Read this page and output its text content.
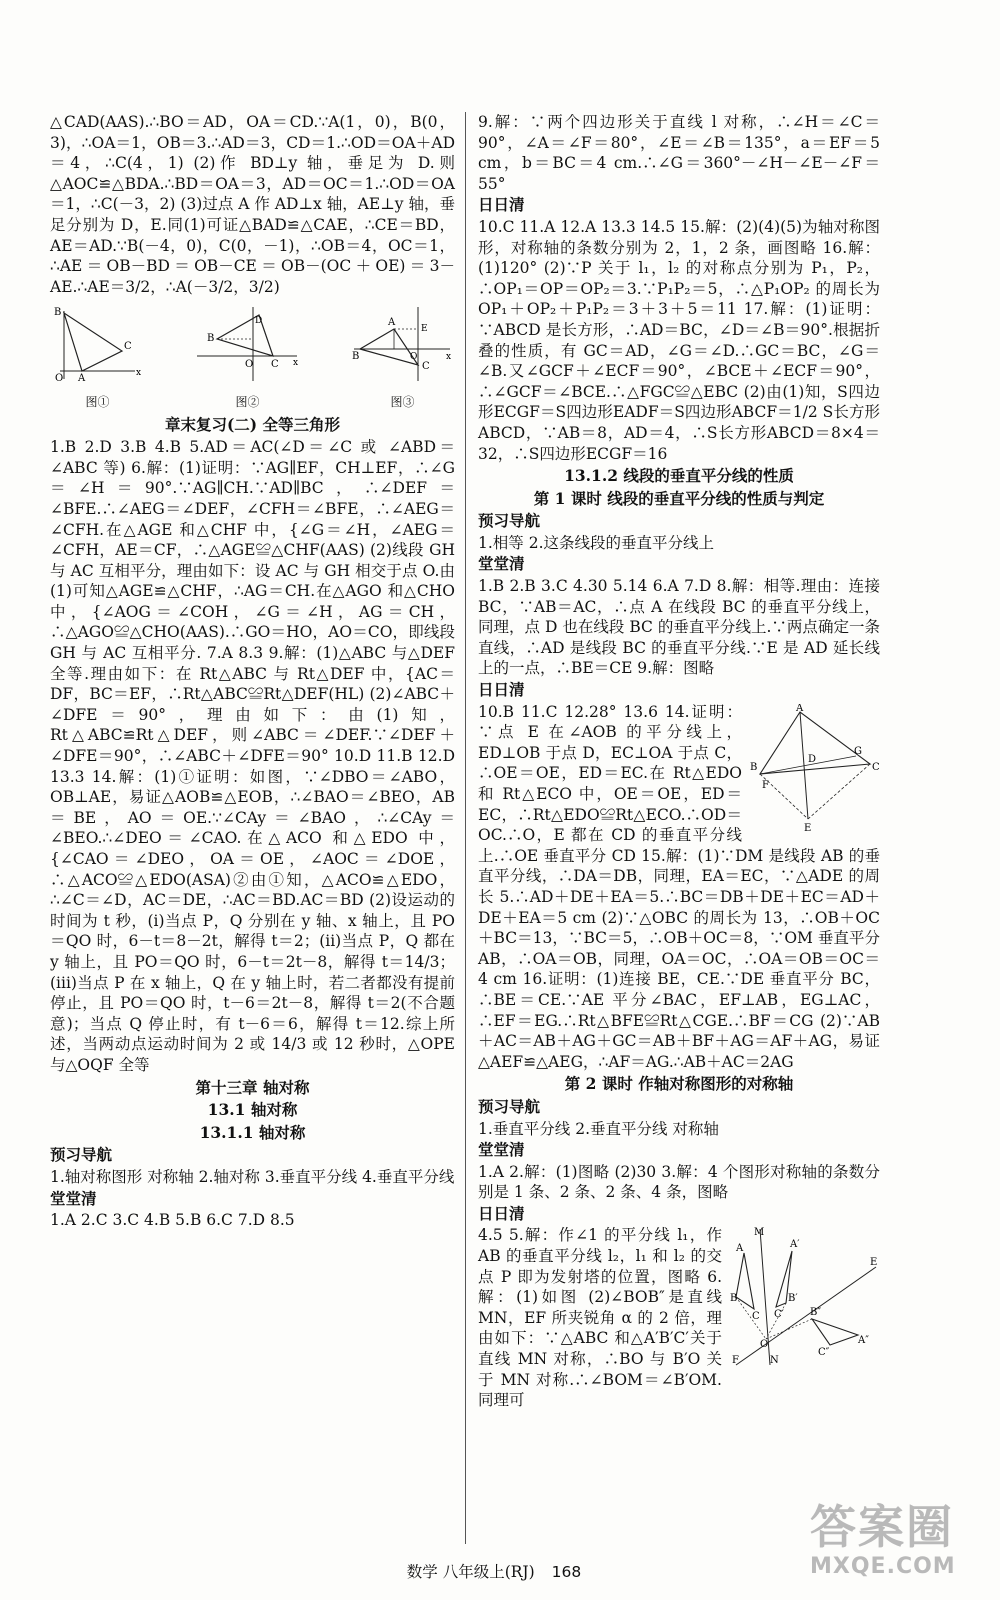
△CAD(AAS).∴BO＝AD，OA＝CD.∵A(1，0)，B(0，3)，∴OA＝1，OB＝3.∴AD＝3，CD＝1.∴OD＝OA＋AD＝4，∴C(4，1) (2)作 BD⊥y 轴，垂足为 D.则△AOC≌△BDA.∴BD＝OA＝3，AD＝OC＝1.∴OD＝OA＝1，∴C(－3，2) (3)过点 A 作 AD⊥x 轴，AE⊥y 轴，垂足分别为 D，E.同(1)可证△BAD≌△CAE，∴CE＝BD，AE＝AD.∵B(－4，0)，C(0，－1)，∴OB＝4，OC＝1，∴AE＝OB－BD＝OB－CE＝OB－(OC＋OE)＝3－AE.∴AE＝3/2，∴A(－3/2，3/2)

B
C
A
O	x
图①
B
O C
D
x
图②
B
A
E
C
O	x
图③
章末复习(二) 全等三角形

1.B 2.D 3.B 4.B 5.AD＝AC(∠D＝∠C 或 ∠ABD＝∠ABC 等) 6.解：(1)证明：∵AG∥EF，CH⊥EF，∴∠G＝∠H＝90°.∵AG∥CH.∵AD∥BC，∴∠DEF＝∠BFE.∴∠AEG＝∠DEF，∠CFH＝∠BFE，∴∠AEG＝∠CFH.在△AGE 和△CHF 中，{∠G＝∠H，∠AEG＝∠CFH，AE＝CF，∴△AGE≌△CHF(AAS) (2)线段 GH 与 AC 互相平分，理由如下：设 AC 与 GH 相交于点 O.由(1)可知△AGE≌△CHF，∴AG＝CH.在△AGO 和△CHO 中，{∠AOG＝∠COH，∠G＝∠H，AG＝CH，∴△AGO≌△CHO(AAS).∴GO＝HO，AO＝CO，即线段 GH 与 AC 互相平分. 7.A 8.3 9.解：(1)△ABC 与△DEF 全等.理由如下：在 Rt△ABC 与 Rt△DEF 中，{AC＝DF，BC＝EF，∴Rt△ABC≌Rt△DEF(HL) (2)∠ABC＋∠DFE＝90°，理由如下：由(1)知，Rt△ABC≌Rt△DEF，则∠ABC＝∠DEF.∵∠DEF＋∠DFE＝90°，∴∠ABC＋∠DFE＝90° 10.D 11.B 12.D 13.3 14.解：(1)①证明：如图，∵∠DBO＝∠ABO，OB⊥AE，易证△AOB≌△EOB，∴∠BAO＝∠BEO，AB＝BE，AO＝OE.∵∠CAy＝∠BAO，∴∠CAy＝∠BEO.∴∠DEO＝∠CAO.在△ACO 和△EDO 中，{∠CAO＝∠DEO，OA＝OE，∠AOC＝∠DOE，∴△ACO≌△EDO(ASA)②由①知，△ACO≌△EDO，∴∠C＝∠D，AC＝DE，∴AC＝BD.AC＝BD (2)设运动的时间为 t 秒，(i)当点 P，Q 分别在 y 轴、x 轴上，且 PO＝QO 时，6－t＝8－2t，解得 t＝2；(ii)当点 P，Q 都在 y 轴上，且 PO＝QO 时，6－t＝2t－8，解得 t＝14/3；(iii)当点 P 在 x 轴上，Q 在 y 轴上时，若二者都没有提前停止，且 PO＝QO 时，t－6＝2t－8，解得 t＝2(不合题意)；当点 Q 停止时，有 t－6＝6，解得 t＝12.综上所述，当两动点运动时间为 2 或 14/3 或 12 秒时，△OPE 与△OQF 全等

第十三章 轴对称
13.1 轴对称
13.1.1 轴对称
预习导航

1.轴对称图形 对称轴 2.轴对称 3.垂直平分线 4.垂直平分线

堂堂清

1.A 2.C 3.C 4.B 5.B 6.C 7.D 8.5

9.解：∵两个四边形关于直线 l 对称，∴∠H＝∠C＝90°，∠A＝∠F＝80°，∠E＝∠B＝135°，a＝EF＝5 cm，b＝BC＝4 cm.∴∠G＝360°－∠H－∠E－∠F＝55°

日日清

10.C 11.A 12.A 13.3 14.5 15.解：(2)(4)(5)为轴对称图形，对称轴的条数分别为 2，1，2 条，画图略 16.解：(1)120° (2)∵P 关于 l₁，l₂ 的对称点分别为 P₁，P₂，∴OP₁＝OP＝OP₂＝3.∵P₁P₂＝5，∴△P₁OP₂ 的周长为 OP₁＋OP₂＋P₁P₂＝3＋3＋5＝11 17.解：(1)证明：∵ABCD 是长方形，∴AD＝BC，∠D＝∠B＝90°.根据折叠的性质，有 GC＝AD，∠G＝∠D.∴GC＝BC，∠G＝∠B.又∠GCF＋∠ECF＝90°，∠BCE＋∠ECF＝90°，∴∠GCF＝∠BCE.∴△FGC≌△EBC (2)由(1)知，S四边形ECGF＝S四边形EADF＝S四边形ABCF＝1/2 S长方形ABCD，∵AB＝8，AD＝4，∴S长方形ABCD＝8×4＝32，∴S四边形ECGF＝16

13.1.2 线段的垂直平分线的性质
第 1 课时 线段的垂直平分线的性质与判定
预习导航

1.相等 2.这条线段的垂直平分线上

堂堂清

1.B 2.B 3.C 4.30 5.14 6.A 7.D 8.解：相等.理由：连接 BC，∵AB＝AC，∴点 A 在线段 BC 的垂直平分线上，同理，点 D 也在线段 BC 的垂直平分线上.∵两点确定一条直线，∴AD 是线段 BC 的垂直平分线.∵E 是 AD 延长线上的一点，∴BE＝CE 9.解：图略

日日清
A
B	C
D
G
F
E

10.B 11.C 12.28° 13.6 14.证明：∵点 E 在∠AOB 的平分线上，ED⊥OB 于点 D，EC⊥OA 于点 C，∴OE＝OE，ED＝EC.在 Rt△EDO 和 Rt△ECO 中，OE＝OE，ED＝EC，∴Rt△EDO≌Rt△ECO.∴OD＝OC.∴O，E 都在 CD 的垂直平分线上.∴OE 垂直平分 CD 15.解：(1)∵DM 是线段 AB 的垂直平分线，∴DA＝DB，同理，EA＝EC，∵△ADE 的周长 5.∴AD＋DE＋EA＝5.∴BC＝DB＋DE＋EC＝AD＋DE＋EA＝5 cm (2)∵△OBC 的周长为 13，∴OB＋OC＋BC＝13，∵BC＝5，∴OB＋OC＝8，∵OM 垂直平分 AB，∴OA＝OB，同理，OA＝OC，∴OA＝OB＝OC＝4 cm 16.证明：(1)连接 BE，CE.∵DE 垂直平分 BC，∴BE＝CE.∵AE 平分∠BAC，EF⊥AB，EG⊥AC，∴EF＝EG.∴Rt△BFE≌Rt△CGE.∴BF＝CG (2)∵AB＋AC＝AB＋AG＋GC＝AB＋BF＋AG＝AF＋AG，易证△AEF≌△AEG，∴AF＝AG.∴AB＋AC＝2AG

第 2 课时 作轴对称图形的对称轴
预习导航

1.垂直平分线 2.垂直平分线 对称轴

堂堂清

1.A 2.解：(1)图略 (2)30 3.解：4 个图形对称轴的条数分别是 1 条、2 条、2 条、4 条，图略

日日清
M
A	A′
A″
B	B′
B″
C C′
C″
O
E
F	N

4.5 5.解：作∠1 的平分线 l₁，作 AB 的垂直平分线 l₂，l₁ 和 l₂ 的交点 P 即为发射塔的位置，图略 6.解：(1)如图 (2)∠BOB″是直线 MN，EF 所夹锐角 α 的 2 倍，理由如下：∵△ABC 和△A′B′C′关于直线 MN 对称，∴BO 与 B′O 关于 MN 对称.∴∠BOM＝∠B′OM.同理可

数学 八年级上(RJ) 168
答案圈
MXQE.COM
